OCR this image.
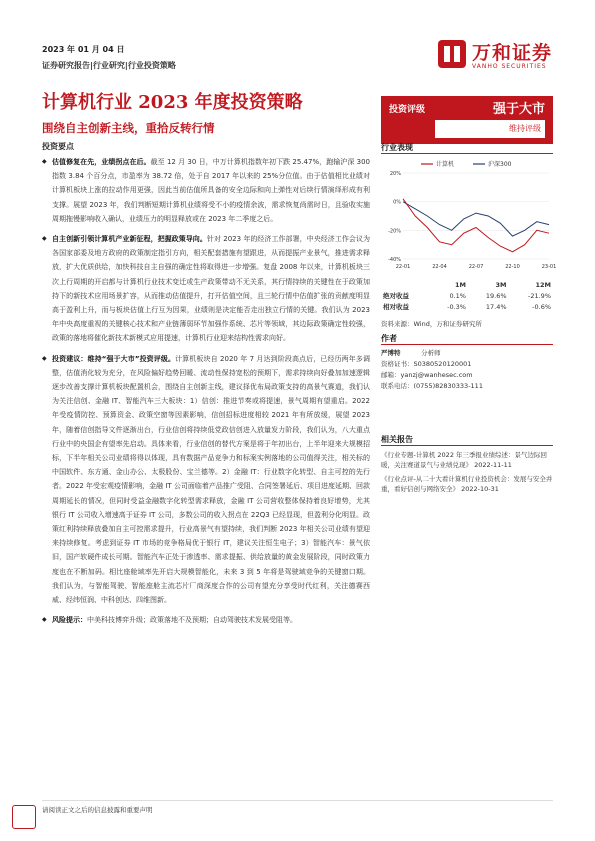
2023 年 01 月 04 日
证券研究报告|行业研究|行业投资策略
万和证券
VANHO SECURITIES
计算机行业 2023 年度投资策略
围绕自主创新主线，重拾反转行情
投资要点

◆ 估值修复在先，业绩拐点在后。截至 12 月 30 日，中万计算机指数年初下跌 25.47%，跑输沪深 300 指数 3.84 个百分点，市盈率为 38.72 倍，处于自 2017 年以来的 25%分位值。由于估值相比业绩对计算机板块上涨的拉动作用更强，因此当前估值所具备的安全边际和向上弹性对后续行情演绎形成有利支撑。展望 2023 年，我们判断短期计算机业绩将受不小的疫情余波，需求恢复尚需时日，且验收实施周期拖慢影响收入确认，业绩压力的明显释放或在 2023 年二季度之后。

◆ 自主创新引领计算机产业新征程，把握政策导向。针对 2023 年的经济工作部署，中央经济工作会议为各国家部委及地方政府的政策制定指引方向，相关配套措施有望跟进，从而提振产业景气，推进需求释放，扩大优质供给，加快科技自主自强的确定性将取得进一步增强。复盘 2008 年以来，计算机板块三次上行周期的开启都与计算机行业技术变迁或生产政策带动不无关系，其行情持续的关键性在于政策加持下的新技术应用场景扩容，从而推动估值提升，打开估值空间，且三轮行情中估值扩张的贡献度明显高于盈利上升，而与板块估值上行互为因果，业绩则是决定能否走出独立行情的关键。我们认为 2023 年中央高度重视的关键核心技术和产业链薄弱环节加强作系统、芯片等领域，其边际政策确定性较强，政策的落地将催化新技术新模式应用提速，计算机行业迎来结构性需求向好。

◆ 投资建议：维持“强于大市”投资评级。计算机板块自 2020 年 7 月达到阶段高点后，已经历两年多调整，估值消化较为充分，在风险偏好趋势回暖、流动性保持宽松的预期下，需求持续向好叠加加速逻辑逐步改善支撑计算机板块配置机会，围绕自主创新主线，建议择优布局政策支持的高景气赛道，我们认为关注信创、金融 IT、智能汽车三大板块：1）信创：推进节奏或将提速，景气周期有望重启。2022 年受疫情防控、预算资金、政策空窗等因素影响，信创招标进度相较 2021 年有所放缓，展望 2023 年，随着信创指导文件逐渐出台，行业信创将持续低党政信创进入放量发力阶段，我们认为，八大重点行业中的央国企有望率先启动。具体来看，行业信创的替代方案是将于年初出台，上半年迎来大规模招标，下半年相关公司业绩将得以体现，具有数据产品竞争力和标案实例落地的公司值得关注，相关标的中国软件、东方通、金山办公、太极股份、宝兰德等。2）金融 IT：行业数字化转型、自主可控的先行者。2022 年受宏观疫情影响，金融 IT 公司面临着产品推广受阻、合同签署延后、项目进度延期、回款周期延长的情况，但同时受益金融数字化转型需求释放，金融 IT 公司营收整体保持着良好增势，尤其银行 IT 公司收入增速高于证券 IT 公司，多数公司的收入拐点在 22Q3 已经显现，但盈利分化明显。政策红利持续释放叠加自主可控需求提升，行业高景气有望持续，我们判断 2023 年相关公司业绩有望迎来持续修复。考虑到证券 IT 市场的竞争格局优于银行 IT，建议关注恒生电子；3）智能汽车：景气依旧，国产软硬件成长可期。智能汽车正处于渗透率、需求提振、供给放量的黄金发展阶段，同时政策力度也在不断加码。相比座舱域率先开启大规模智能化，未来 3 到 5 年将是驾驶域竞争的关键窗口期。我们认为，与智能驾驶、智能座舱主流芯片厂商深度合作的公司有望充分享受时代红利，关注德赛西威、经纬恒润、中科创达、四维图新。

◆ 风险提示：中美科技博弈升级；政策落地不及预期；自动驾驶技术发展受阻等。

投资评级	强于大市
维持评级
行业表现
计算机	沪深300
20%
0%
-20%
-40%
22-01	22-04	22-07	22-10	23-01
	1M	3M	12M
绝对收益	0.1%	19.6%	-21.9%
相对收益	-0.3%	17.4%	-0.6%
资料来源：Wind，万和证券研究所
作者
严博特	分析师
资格证书：S0380520120001
邮箱：yanzj@wanhesec.com
联系电话：(0755)82830333-111
相关报告

《行业专题-计算机 2022 年三季报业绩综述：景气边际回暖，关注赛道景气与业绩兑现》 2022-11-11

《行业点评-从二十大看计算机行业投资机会：发展与安全并重，看好信创与网络安全》 2022-10-31

请阅读正文之后的信息披露和重要声明
